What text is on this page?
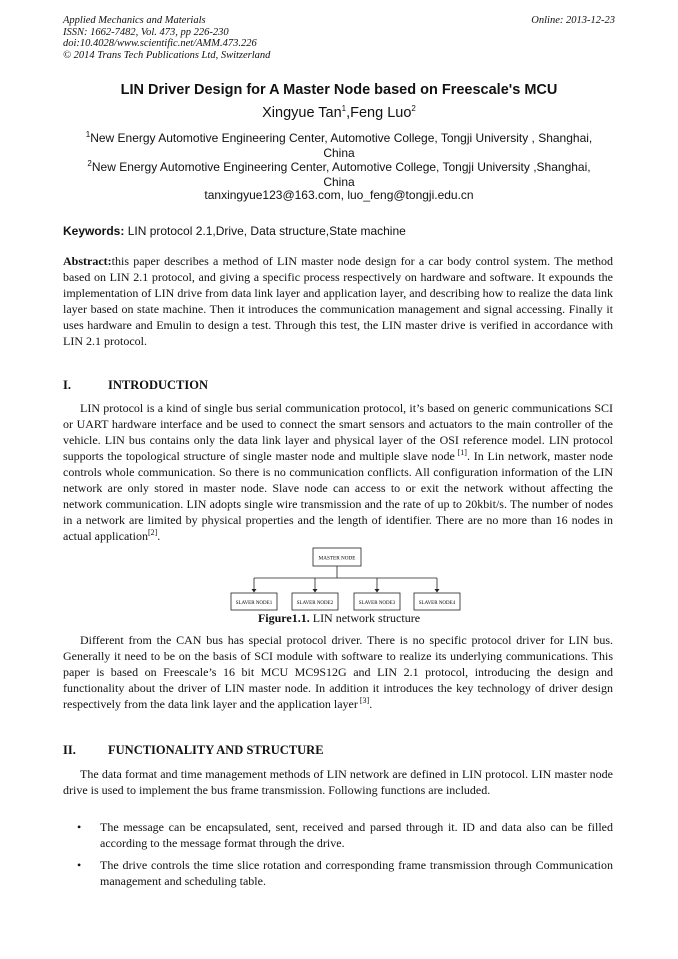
Applied Mechanics and Materials
ISSN: 1662-7482, Vol. 473, pp 226-230
doi:10.4028/www.scientific.net/AMM.473.226
© 2014 Trans Tech Publications Ltd, Switzerland
Online: 2013-12-23
LIN Driver Design for A Master Node based on Freescale's MCU
Xingyue Tan$^1$,Feng Luo$^2$
$^1$New Energy Automotive Engineering Center, Automotive College, Tongji University , Shanghai,
China
$^2$New Energy Automotive Engineering Center, Automotive College, Tongji University ,Shanghai,
China
tanxingyue123@163.com, luo_feng@tongji.edu.cn
Keywords: LIN protocol 2.1,Drive, Data structure,State machine

Abstract:this paper describes a method of LIN master node design for a car body control system. The method based on LIN 2.1 protocol, and giving a specific process respectively on hardware and software. It expounds the implementation of LIN drive from data link layer and application layer, and describing how to realize the data link layer based on state machine. Then it introduces the communication management and signal accessing. Finally it uses hardware and Emulin to design a test. Through this test, the LIN master drive is verified in accordance with LIN 2.1 protocol.

I.	INTRODUCTION

LIN protocol is a kind of single bus serial communication protocol, it’s based on generic communications SCI or UART hardware interface and be used to connect the smart sensors and actuators to the main controller of the vehicle. LIN bus contains only the data link layer and physical layer of the OSI reference model. LIN protocol supports the topological structure of single master node and multiple slave node [1]. In Lin network, master node controls whole communication. So there is no communication conflicts. All configuration information of the LIN network are only stored in master node. Slave node can access to or exit the network without affecting the network communication. LIN adopts single wire transmission and the rate of up to 20kbit/s. The number of nodes in a network are limited by physical properties and the length of identifier. There are no more than 16 nodes in actual application[2].

MASTER NODE
SLAVER NODE1	SLAVER NODE2	SLAVER NODE3	SLAVER NODE4
Figure1.1. LIN network structure

Different from the CAN bus has special protocol driver. There is no specific protocol driver for LIN bus. Generally it need to be on the basis of SCI module with software to realize its underlying communications. This paper is based on Freescale’s 16 bit MCU MC9S12G and LIN 2.1 protocol, introducing the design and functionality about the driver of LIN master node. In addition it introduces the key technology of driver design respectively from the data link layer and the application layer [3].

II.	FUNCTIONALITY AND STRUCTURE

The data format and time management methods of LIN network are defined in LIN protocol. LIN master node drive is used to implement the bus frame transmission. Following functions are included.

• The message can be encapsulated, sent, received and parsed through it. ID and data also can be filled according to the message format through the drive.
• The drive controls the time slice rotation and corresponding frame transmission through Communication management and scheduling table.
